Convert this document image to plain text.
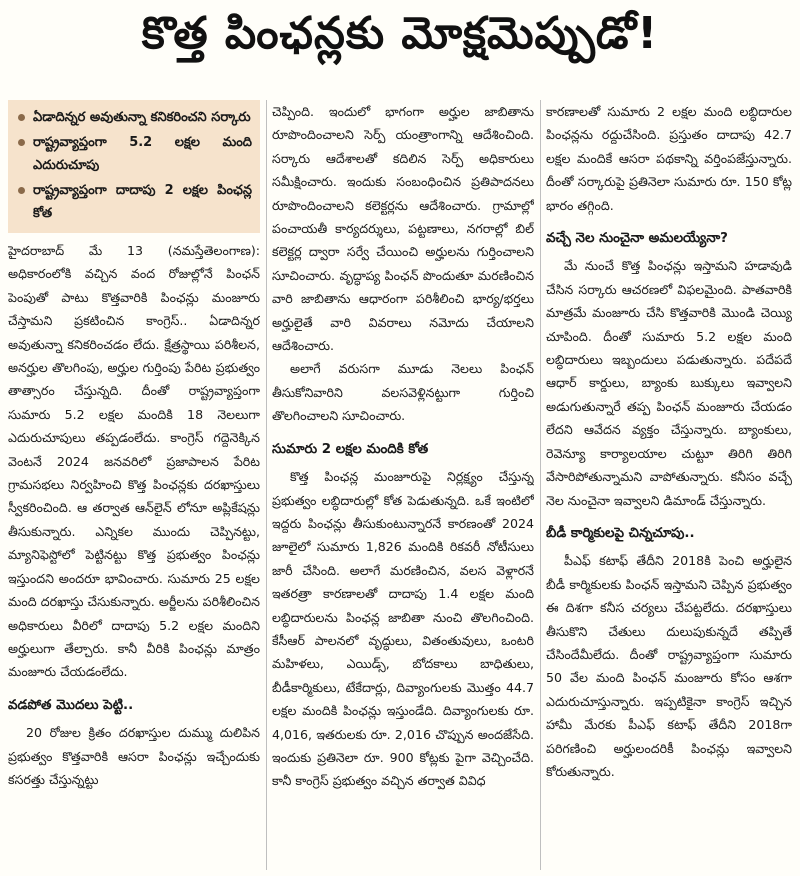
కొత్త పింఛన్లకు మోక్షమెప్పుడో!
ఏడాదిన్నర అవుతున్నా కనికరించని సర్కారు
రాష్ట్రవ్యాప్తంగా 5.2 లక్షల మంది ఎదురుచూపు
రాష్ట్రవ్యాప్తంగా దాదాపు 2 లక్షల పింఛన్ల కోత

హైదరాబాద్ మే 13 (నమస్తేతెలంగాణ): అధికారంలోకి వచ్చిన వంద రోజుల్లోనే పింఛన్ పెంపుతో పాటు కొత్తవారికి పింఛన్లు మంజూరు చేస్తామని ప్రకటించిన కాంగ్రెస్.. ఏడాదిన్నర అవుతున్నా కనికరించడం లేదు. క్షేత్రస్థాయి పరిశీలన, అనర్హుల తొలగింపు, అర్హుల గుర్తింపు పేరిట ప్రభుత్వం తాత్సారం చేస్తున్నది. దీంతో రాష్ట్రవ్యాప్తంగా సుమారు 5.2 లక్షల మందికి 18 నెలలుగా ఎదురుచూపులు తప్పడంలేదు. కాంగ్రెస్ గద్దెనెక్కిన వెంటనే 2024 జనవరిలో ప్రజాపాలన పేరిట గ్రామసభలు నిర్వహించి కొత్త పింఛన్లకు దరఖాస్తులు స్వీకరించింది. ఆ తర్వాత ఆన్‌లైన్ లోనూ అప్లికేషన్లు తీసుకున్నారు. ఎన్నికల ముందు చెప్పినట్టు, మ్యానిఫెస్టోలో పెట్టినట్టు కొత్త ప్రభుత్వం పింఛన్లు ఇస్తుందని అందరూ భావించారు. సుమారు 25 లక్షల మంది దరఖాస్తు చేసుకున్నారు. అర్జీలను పరిశీలించిన అధికారులు వీరిలో దాదాపు 5.2 లక్షల మందిని అర్హులుగా తేల్చారు. కానీ వీరికి పింఛన్లు మాత్రం మంజూరు చేయడంలేదు.

వడపోత మొదలు పెట్టి..

20 రోజుల క్రితం దరఖాస్తుల దుమ్ము దులిపిన ప్రభుత్వం కొత్తవారికి ఆసరా పింఛన్లు ఇచ్చేందుకు కసరత్తు చేస్తున్నట్టు

చెప్పింది. ఇందులో భాగంగా అర్హుల జాబితాను రూపొందించాలని సెర్ప్ యంత్రాంగాన్ని ఆదేశించింది. సర్కారు ఆదేశాలతో కదిలిన సెర్ప్ అధికారులు సమీక్షించారు. ఇందుకు సంబంధించిన ప్రతిపాదనలు రూపొందించాలని కలెక్టర్లను ఆదేశించారు. గ్రామాల్లో పంచాయతీ కార్యదర్శులు, పట్టణాలు, నగరాల్లో బిల్ కలెక్టర్ల ద్వారా సర్వే చేయించి అర్హులను గుర్తించాలని సూచించారు. వృద్ధాప్య పింఛన్ పొందుతూ మరణించిన వారి జాబితాను ఆధారంగా పరిశీలించి భార్య/భర్తలు అర్హులైతే వారి వివరాలు నమోదు చేయాలని ఆదేశించారు.

అలాగే వరుసగా మూడు నెలలు పింఛన్ తీసుకోనివారిని వలసవెళ్లినట్టుగా గుర్తించి తొలగించాలని సూచించారు.

సుమారు 2 లక్షల మందికి కోత

కొత్త పింఛన్ల మంజూరుపై నిర్లక్ష్యం చేస్తున్న ప్రభుత్వం లబ్ధిదారుల్లో కోత పెడుతున్నది. ఒకే ఇంటిలో ఇద్దరు పింఛన్లు తీసుకుంటున్నారనే కారణంతో 2024 జూలైలో సుమారు 1,826 మందికి రికవరీ నోటీసులు జారీ చేసింది. అలాగే మరణించిన, వలస వెళ్లారనే ఇతరత్రా కారణాలతో దాదాపు 1.4 లక్షల మంది లబ్ధిదారులను పింఛన్ల జాబితా నుంచి తొలగించింది. కేసీఆర్ పాలనలో వృద్ధులు, వితంతువులు, ఒంటరి మహిళలు, ఎయిడ్స్, బోదకాలు బాధితులు, బీడీకార్మికులు, టేకేదార్లు, దివ్యాంగులకు మొత్తం 44.7 లక్షల మందికి పింఛన్లు ఇస్తుండేది. దివ్యాంగులకు రూ. 4,016, ఇతరులకు రూ. 2,016 చొప్పున అందజేసేది. ఇందుకు ప్రతినెలా రూ. 900 కోట్లకు పైగా వెచ్చించేది. కానీ కాంగ్రెస్ ప్రభుత్వం వచ్చిన తర్వాత వివిధ

కారణాలతో సుమారు 2 లక్షల మంది లబ్ధిదారుల పింఛన్లను రద్దుచేసింది. ప్రస్తుతం దాదాపు 42.7 లక్షల మందికే ఆసరా పథకాన్ని వర్తింపజేస్తున్నారు. దీంతో సర్కారుపై ప్రతినెలా సుమారు రూ. 150 కోట్ల భారం తగ్గింది.

వచ్చే నెల నుంచైనా అమలయ్యేనా?

మే నుంచే కొత్త పింఛన్లు ఇస్తామని హడావుడి చేసిన సర్కారు ఆచరణలో విఫలమైంది. పాతవారికి మాత్రమే మంజూరు చేసి కొత్తవారికి మొండి చెయ్యి చూపింది. దీంతో సుమారు 5.2 లక్షల మంది లబ్ధిదారులు ఇబ్బందులు పడుతున్నారు. పదేపదే ఆధార్ కార్డులు, బ్యాంకు బుక్కులు ఇవ్వాలని అడుగుతున్నారే తప్ప పింఛన్ మంజూరు చేయడం లేదని ఆవేదన వ్యక్తం చేస్తున్నారు. బ్యాంకులు, రెవెన్యూ కార్యాలయాల చుట్టూ తిరిగి తిరిగి వేసారిపోతున్నామని వాపోతున్నారు. కనీసం వచ్చే నెల నుంచైనా ఇవ్వాలని డిమాండ్ చేస్తున్నారు.

బీడీ కార్మికులపై చిన్నచూపు..

పీఎఫ్ కటాఫ్ తేదీని 2018కి పెంచి అర్హులైన బీడీ కార్మికులకు పింఛన్ ఇస్తామని చెప్పిన ప్రభుత్వం ఈ దిశగా కనీస చర్యలు చేపట్టలేదు. దరఖాస్తులు తీసుకొని చేతులు దులుపుకున్నదే తప్పితే చేసిందేమీలేదు. దీంతో రాష్ట్రవ్యాప్తంగా సుమారు 50 వేల మంది పింఛన్ మంజూరు కోసం ఆశగా ఎదురుచూస్తున్నారు. ఇప్పటికైనా కాంగ్రెస్ ఇచ్చిన హామీ మేరకు పీఎఫ్ కటాఫ్ తేదీని 2018గా పరిగణించి అర్హులందరికీ పింఛన్లు ఇవ్వాలని కోరుతున్నారు.
